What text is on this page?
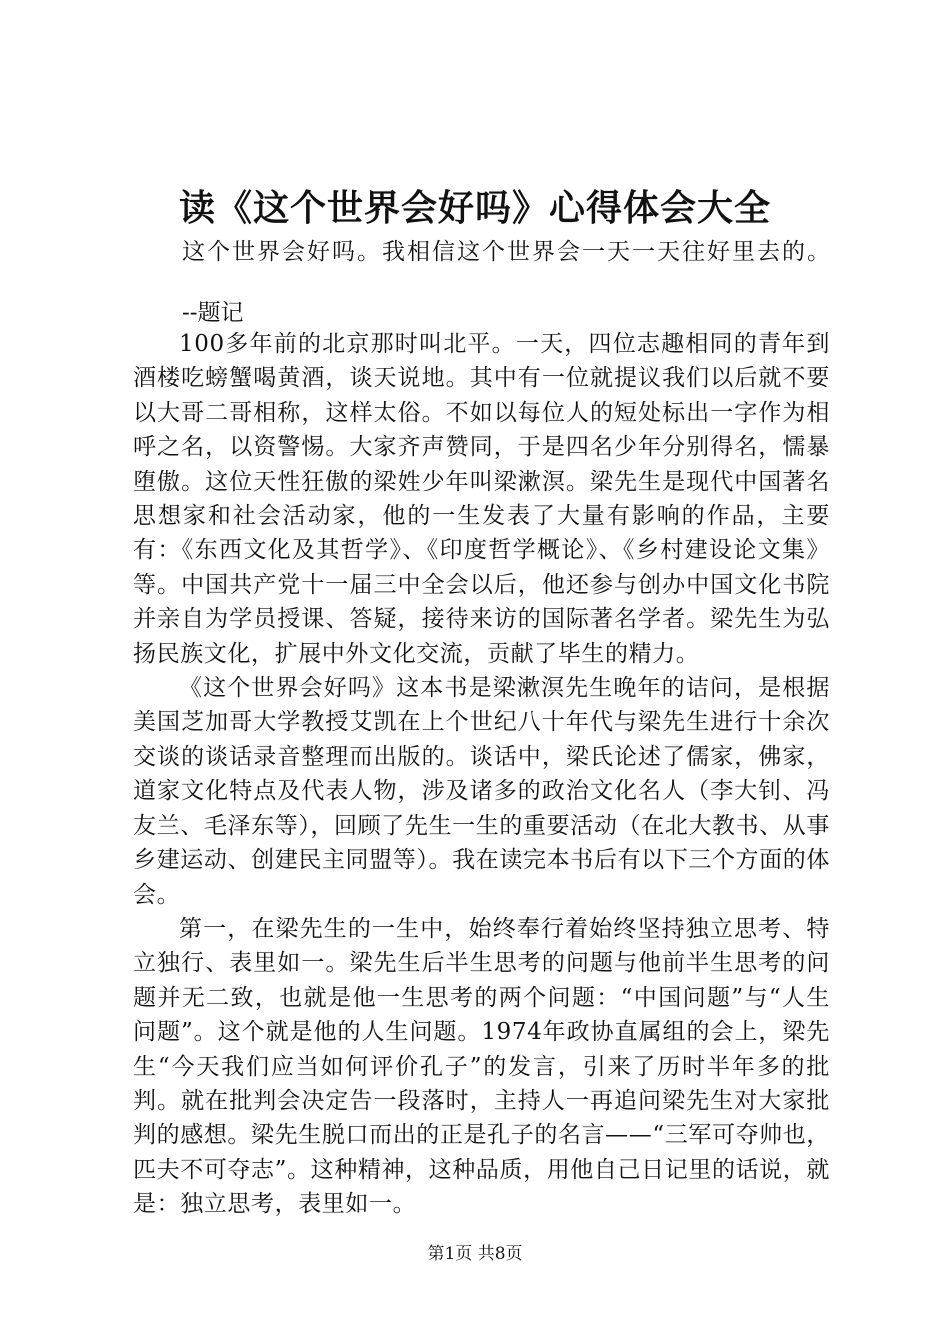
读《这个世界会好吗》心得体会大全
这个世界会好吗。我相信这个世界会一天一天往好里去的。
--题记

100多年前的北京那时叫北平。一天，四位志趣相同的青年到酒楼吃螃蟹喝黄酒，谈天说地。其中有一位就提议我们以后就不要以大哥二哥相称，这样太俗。不如以每位人的短处标出一字作为相呼之名，以资警惕。大家齐声赞同，于是四名少年分别得名，懦暴堕傲。这位天性狂傲的梁姓少年叫梁漱溟。梁先生是现代中国著名思想家和社会活动家，他的一生发表了大量有影响的作品，主要有：《东西文化及其哲学》、《印度哲学概论》、《乡村建设论文集》等。中国共产党十一届三中全会以后，他还参与创办中国文化书院并亲自为学员授课、答疑，接待来访的国际著名学者。梁先生为弘扬民族文化，扩展中外文化交流，贡献了毕生的精力。

《这个世界会好吗》这本书是梁漱溟先生晚年的诘问，是根据美国芝加哥大学教授艾凯在上个世纪八十年代与梁先生进行十余次交谈的谈话录音整理而出版的。谈话中，梁氏论述了儒家，佛家，道家文化特点及代表人物，涉及诸多的政治文化名人（李大钊、冯友兰、毛泽东等），回顾了先生一生的重要活动（在北大教书、从事乡建运动、创建民主同盟等）。我在读完本书后有以下三个方面的体会。

第一，在梁先生的一生中，始终奉行着始终坚持独立思考、特立独行、表里如一。梁先生后半生思考的问题与他前半生思考的问题并无二致，也就是他一生思考的两个问题：“中国问题”与“人生问题”。这个就是他的人生问题。1974年政协直属组的会上，梁先生“今天我们应当如何评价孔子”的发言，引来了历时半年多的批判。就在批判会决定告一段落时，主持人一再追问梁先生对大家批判的感想。梁先生脱口而出的正是孔子的名言——“三军可夺帅也，匹夫不可夺志”。这种精神，这种品质，用他自己日记里的话说，就是：独立思考，表里如一。

第1页 共8页
